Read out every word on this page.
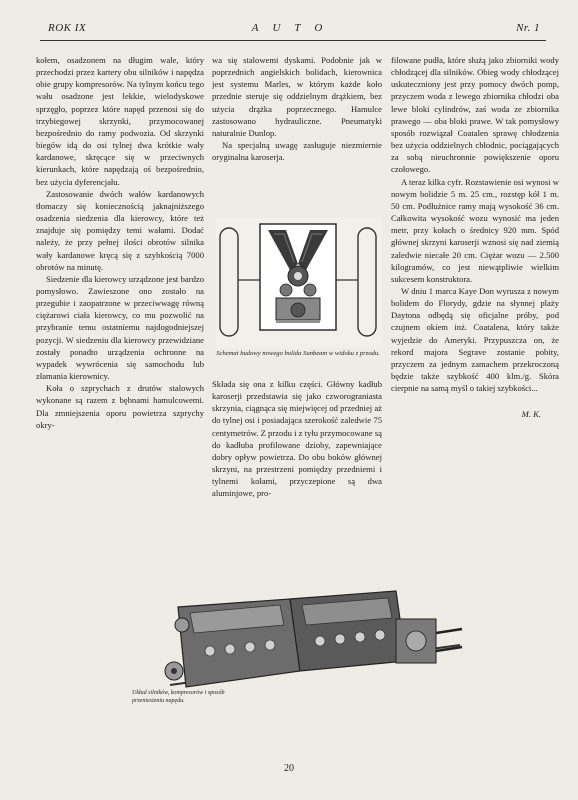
ROK IX	AUTO	Nr. 1

kołem, osadzonem na długim wale, który przechodzi przez kartery obu silników i napędza obie grupy kompresorów. Na tylnym końcu tego wału osadzone jest lekkie, wielodyskowe sprzęgło, poprzez które napęd przenosi się do trzybiegowej skrzynki, przymocowanej bezpośrednio do ramy podwozia. Od skrzynki biegów idą do osi tylnej dwa krótkie wały kardanowe, skręcące się w przeciwnych kierunkach, które napędzają oś bezpośrednio, bez użycia dyferencjału.

Zastosowanie dwóch wałów kardanowych tłomaczy się koniecznością jaknajniższego osadzenia siedzenia dla kierowcy, które też znajduje się pomiędzy temi wałami. Dodać należy, że przy pełnej ilości obrotów silnika wały kardanowe kręcą się z szybkością 7000 obrotów na minutę.

Siedzenie dla kierowcy urządzone jest bardzo pomysłowo. Zawieszone ono zostało na przegubie i zaopatrzone w przeciwwagę równą ciężarowi ciała kierowcy, co mu pozwolić na przybranie temu ostatniemu najdogodniejszej pozycji. W siedzeniu dla kierowcy przewidziane zostały ponadto urządzenia ochronne na wypadek wywrócenia się samochodu lub złamania kierownicy.

Koła o szprychach z drutów stalowych wykonane są razem z bębnami hamulcowemi. Dla zmniejszenia oporu powietrza szprychy okry-

wa się stalowemi dyskami. Podobnie jak w poprzednich angielskich bolidach, kierownica jest systemu Marles, w którym każde koło przednie steruje się oddzielnym drążkiem, bez użycia drążka poprzecznego. Hamulce zastosowano hydrauliczne. Pneumatyki naturalnie Dunlop.

Na specjalną uwagę zasługuje niezmiernie oryginalna karoserja.

Schemat budowy nowego bolida Sunbeam w widoku z przodu.

Składa się ona z kilku części. Główny kadłub karoserji przedstawia się jako czworograniasta skrzynia, ciągnąca się miejwięcej od przedniej aż do tylnej osi i posiadająca szerokość zaledwie 75 centymetrów. Z przodu i z tyłu przymocowane są do kadłuba profilowane dzioby, zapewniające dobry opływ powietrza. Do obu boków głównej skrzyni, na przestrzeni pomiędzy przedniemi i tylnemi kołami, przyczepione są dwa aluminjowe, pro-

filowane pudła, które służą jako zbiorniki wody chłodzącej dla silników. Obieg wody chłodzącej uskuteczniony jest przy pomocy dwóch pomp, przyczem woda z lewego zbiornika chłodzi oba lewe bloki cylindrów, zaś woda ze zbiornika prawego — oba bloki prawe. W tak pomysłowy sposób rozwiązał Coatalen sprawę chłodzenia bez użycia oddzielnych chłodnic, pociągających za sobą nieuchronnie powiększenie oporu czołowego.

A teraz kilka cyfr. Rozstawienie osi wynosi w nowym bolidzie 5 m. 25 cm., rozstęp kół 1 m. 50 cm. Podłużnice ramy mają wysokość 36 cm. Całkowita wysokość wozu wynosić ma jeden metr, przy kołach o średnicy 920 mm. Spód głównej skrzyni karoserji wznosi się nad ziemią zaledwie niecałe 20 cm. Ciężar wozu — 2.500 kilogramów, co jest niewątpliwie wielkim sukcesem konstruktora.

W dniu 1 marca Kaye Don wyrusza z nowym bolidem do Florydy, gdzie na słynnej plaży Daytona odbędą się oficjalne próby, pod czujnem okiem inż. Coatalena, który także wyjedzie do Ameryki. Przypuszcza on, że rekord majora Segrave zostanie pobity, przyczem za jednym zamachem przekroczoną będzie także szybkość 400 klm./g. Skóra cierpnie na samą myśl o takiej szybkości...

M. K.
Układ silników, kompresorów i sposób przeniesienia napędu.
20
